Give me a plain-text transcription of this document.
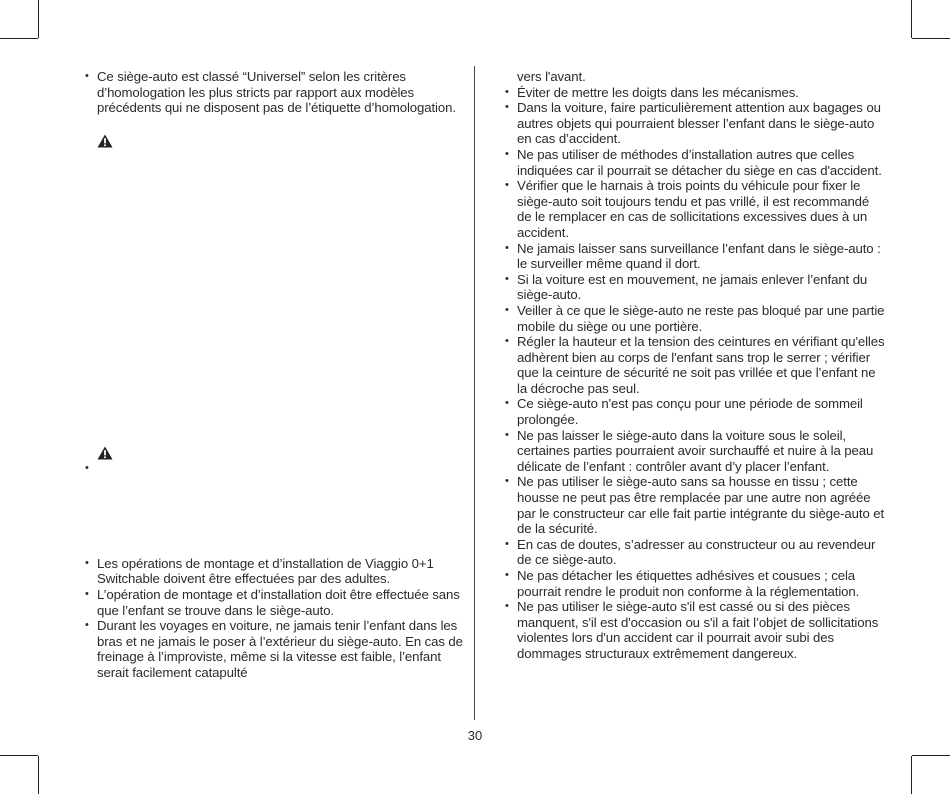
• Ce siège-auto est classé “Universel” selon les critères d’homologation les plus stricts par rapport aux modèles précédents qui ne disposent pas de l’étiquette d’homologation.
•
• Les opérations de montage et d’installation de Viaggio 0+1 Switchable doivent être effectuées par des adultes.
• L’opération de montage et d’installation doit être effectuée sans que l’enfant se trouve dans le siège-auto.
• Durant les voyages en voiture, ne jamais tenir l’enfant dans les bras et ne jamais le poser à l’extérieur du siège-auto. En cas de freinage à l’improviste, même si la vitesse est faible, l’enfant serait facilement catapulté
vers l'avant.
• Éviter de mettre les doigts dans les mécanismes.
• Dans la voiture, faire particulièrement attention aux bagages ou autres objets qui pourraient blesser l’enfant dans le siège-auto en cas d’accident.
• Ne pas utiliser de méthodes d’installation autres que celles indiquées car il pourrait se détacher du siège en cas d'accident.
• Vérifier que le harnais à trois points du véhicule pour fixer le siège-auto soit toujours tendu et pas vrillé, il est recommandé de le remplacer en cas de sollicitations excessives dues à un accident.
• Ne jamais laisser sans surveillance l’enfant dans le siège-auto : le surveiller même quand il dort.
• Si la voiture est en mouvement, ne jamais enlever l’enfant du siège-auto.
• Veiller à ce que le siège-auto ne reste pas bloqué par une partie mobile du siège ou une portière.
• Régler la hauteur et la tension des ceintures en vérifiant qu'elles adhèrent bien au corps de l'enfant sans trop le serrer ; vérifier que la ceinture de sécurité ne soit pas vrillée et que l’enfant ne la décroche pas seul.
• Ce siège-auto n'est pas conçu pour une période de sommeil prolongée.
• Ne pas laisser le siège-auto dans la voiture sous le soleil, certaines parties pourraient avoir surchauffé et nuire à la peau délicate de l’enfant : contrôler avant d’y placer l’enfant.
• Ne pas utiliser le siège-auto sans sa housse en tissu ; cette housse ne peut pas être remplacée par une autre non agréée par le constructeur car elle fait partie intégrante du siège-auto et de la sécurité.
• En cas de doutes, s’adresser au constructeur ou au revendeur de ce siège-auto.
• Ne pas détacher les étiquettes adhésives et cousues ; cela pourrait rendre le produit non conforme à la réglementation.
• Ne pas utiliser le siège-auto s'il est cassé ou si des pièces manquent, s'il est d'occasion ou s'il a fait l’objet de sollicitations violentes lors d'un accident car il pourrait avoir subi des dommages structuraux extrêmement dangereux.
30
